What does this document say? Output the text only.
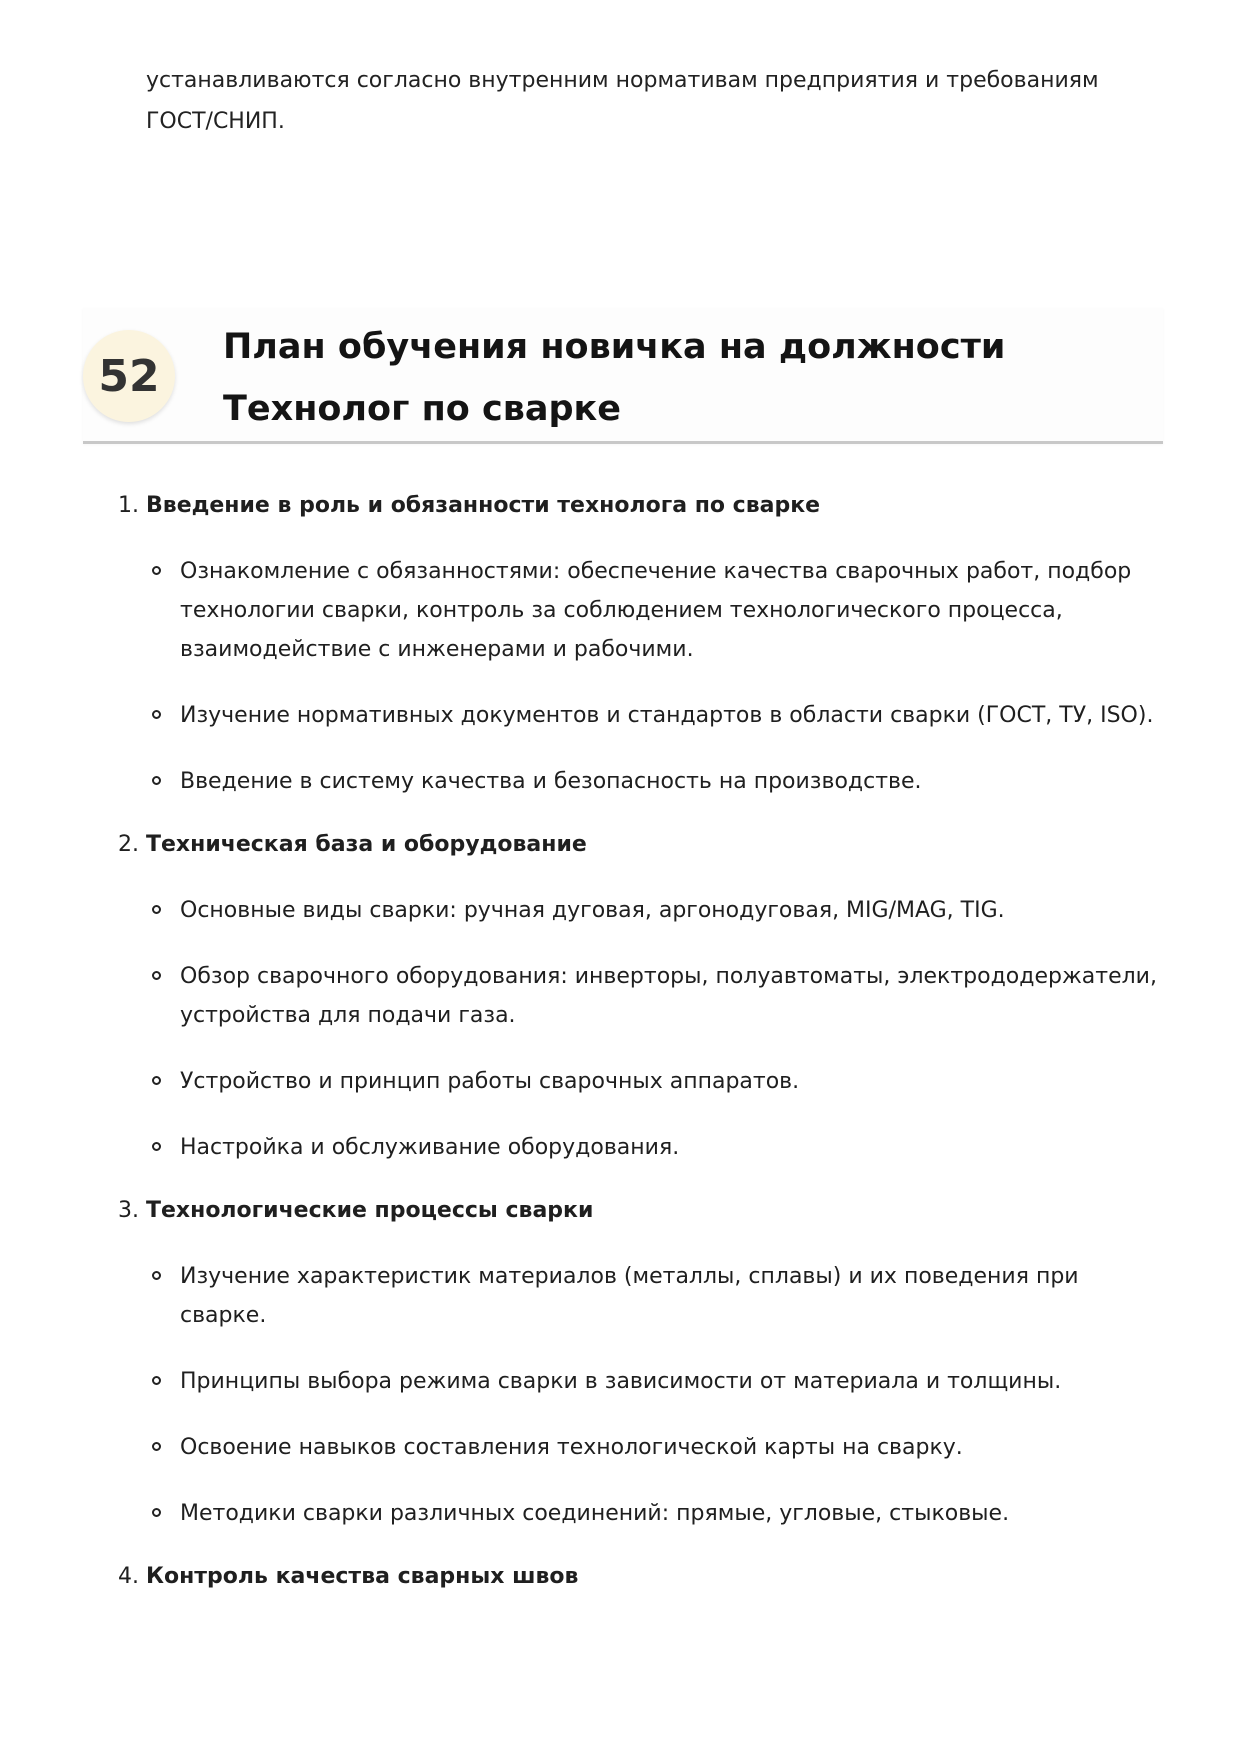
устанавливаются согласно внутренним нормативам предприятия и требованиям ГОСТ/СНИП.
52
План обучения новичка на должности Технолог по сварке
1. Введение в роль и обязанности технолога по сварке
Ознакомление с обязанностями: обеспечение качества сварочных работ, подбор технологии сварки, контроль за соблюдением технологического процесса, взаимодействие с инженерами и рабочими.
Изучение нормативных документов и стандартов в области сварки (ГОСТ, ТУ, ISO).
Введение в систему качества и безопасность на производстве.
2. Техническая база и оборудование
Основные виды сварки: ручная дуговая, аргонодуговая, MIG/MAG, TIG.
Обзор сварочного оборудования: инверторы, полуавтоматы, электрододержатели, устройства для подачи газа.
Устройство и принцип работы сварочных аппаратов.
Настройка и обслуживание оборудования.
3. Технологические процессы сварки
Изучение характеристик материалов (металлы, сплавы) и их поведения при сварке.
Принципы выбора режима сварки в зависимости от материала и толщины.
Освоение навыков составления технологической карты на сварку.
Методики сварки различных соединений: прямые, угловые, стыковые.
4. Контроль качества сварных швов
